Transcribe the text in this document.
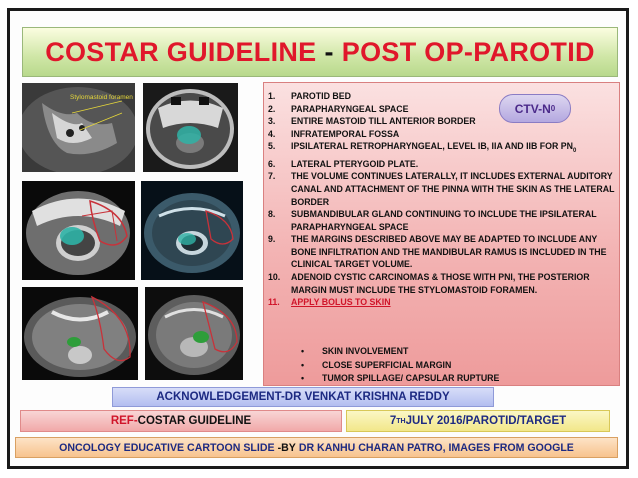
COSTAR GUIDELINE - POST OP-PAROTID
Stylomastoid foramen
CTV-N 0
1.	PAROTID BED
2.	PARAPHARYNGEAL SPACE
3.	ENTIRE MASTOID TILL ANTERIOR BORDER
4.	INFRATEMPORAL FOSSA
5.	IPSILATERAL RETROPHARYNGEAL, LEVEL IB, IIA AND IIB FOR $PN_0$
6.	LATERAL PTERYGOID PLATE.
7.	THE VOLUME CONTINUES LATERALLY, IT INCLUDES EXTERNAL AUDITORY CANAL AND ATTACHMENT OF THE PINNA WITH THE SKIN AS THE LATERAL BORDER
8.	SUBMANDIBULAR GLAND CONTINUING TO INCLUDE THE IPSILATERAL PARAPHARYNGEAL SPACE
9.	THE MARGINS DESCRIBED ABOVE MAY BE ADAPTED TO INCLUDE ANY BONE INFILTRATION AND THE MANDIBULAR RAMUS IS INCLUDED IN THE CLINICAL TARGET VOLUME.
10.	ADENOID CYSTIC CARCINOMAS & THOSE WITH PNI, THE POSTERIOR MARGIN MUST INCLUDE THE STYLOMASTOID FORAMEN.
11.	APPLY BOLUS TO SKIN
• SKIN INVOLVEMENT
• CLOSE SUPERFICIAL MARGIN
• TUMOR SPILLAGE/ CAPSULAR RUPTURE
ACKNOWLEDGEMENT-DR VENKAT KRISHNA REDDY
REF- COSTAR GUIDELINE	7 TH JULY 2016/PAROTID/TARGET
ONCOLOGY EDUCATIVE CARTOON SLIDE -BY DR KANHU CHARAN PATRO, IMAGES FROM GOOGLE
